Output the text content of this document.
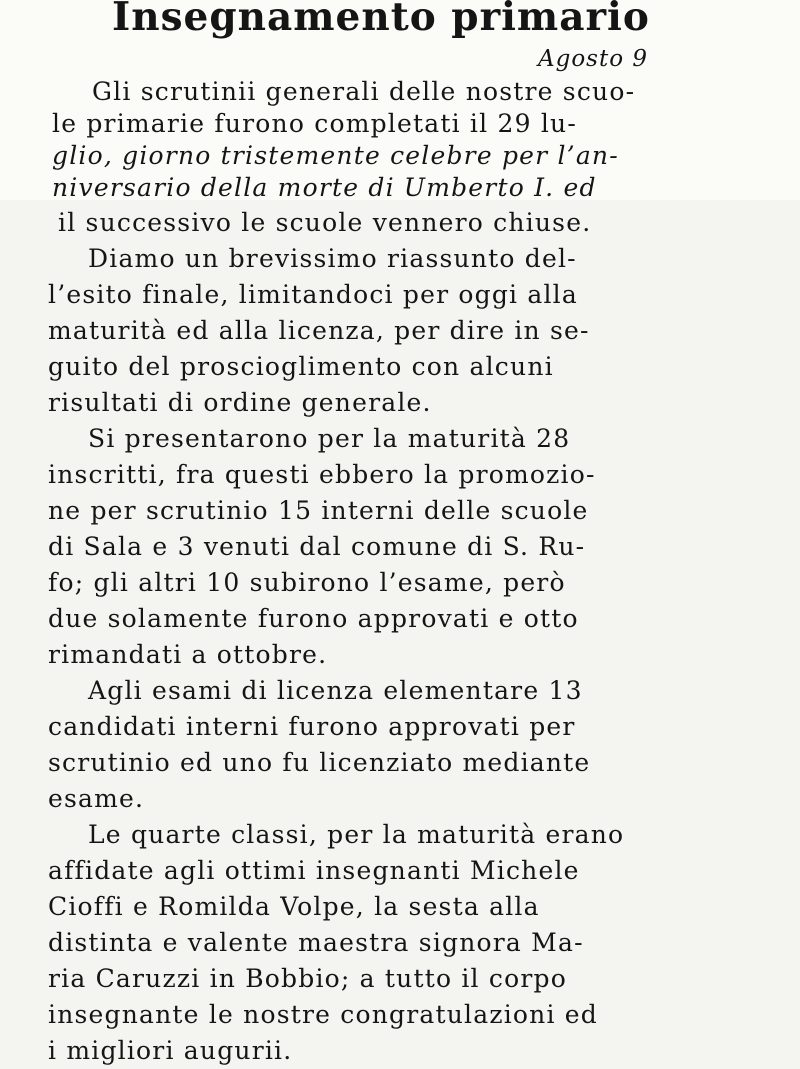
Insegnamento primario
Agosto 9
Gli scrutinii generali delle nostre scuo-
le primarie furono completati il 29 lu-
glio, giorno tristemente celebre per l’an-
niversario della morte di Umberto I. ed
il successivo le scuole vennero chiuse.
Diamo un brevissimo riassunto del-
l’esito finale, limitandoci per oggi alla
maturità ed alla licenza, per dire in se-
guito del proscioglimento con alcuni
risultati di ordine generale.
Si presentarono per la maturità 28
inscritti, fra questi ebbero la promozio-
ne per scrutinio 15 interni delle scuole
di Sala e 3 venuti dal comune di S. Ru-
fo; gli altri 10 subirono l’esame, però
due solamente furono approvati e otto
rimandati a ottobre.
Agli esami di licenza elementare 13
candidati interni furono approvati per
scrutinio ed uno fu licenziato mediante
esame.
Le quarte classi, per la maturità erano
affidate agli ottimi insegnanti Michele
Cioffi e Romilda Volpe, la sesta alla
distinta e valente maestra signora Ma-
ria Caruzzi in Bobbio; a tutto il corpo
insegnante le nostre congratulazioni ed
i migliori augurii.
